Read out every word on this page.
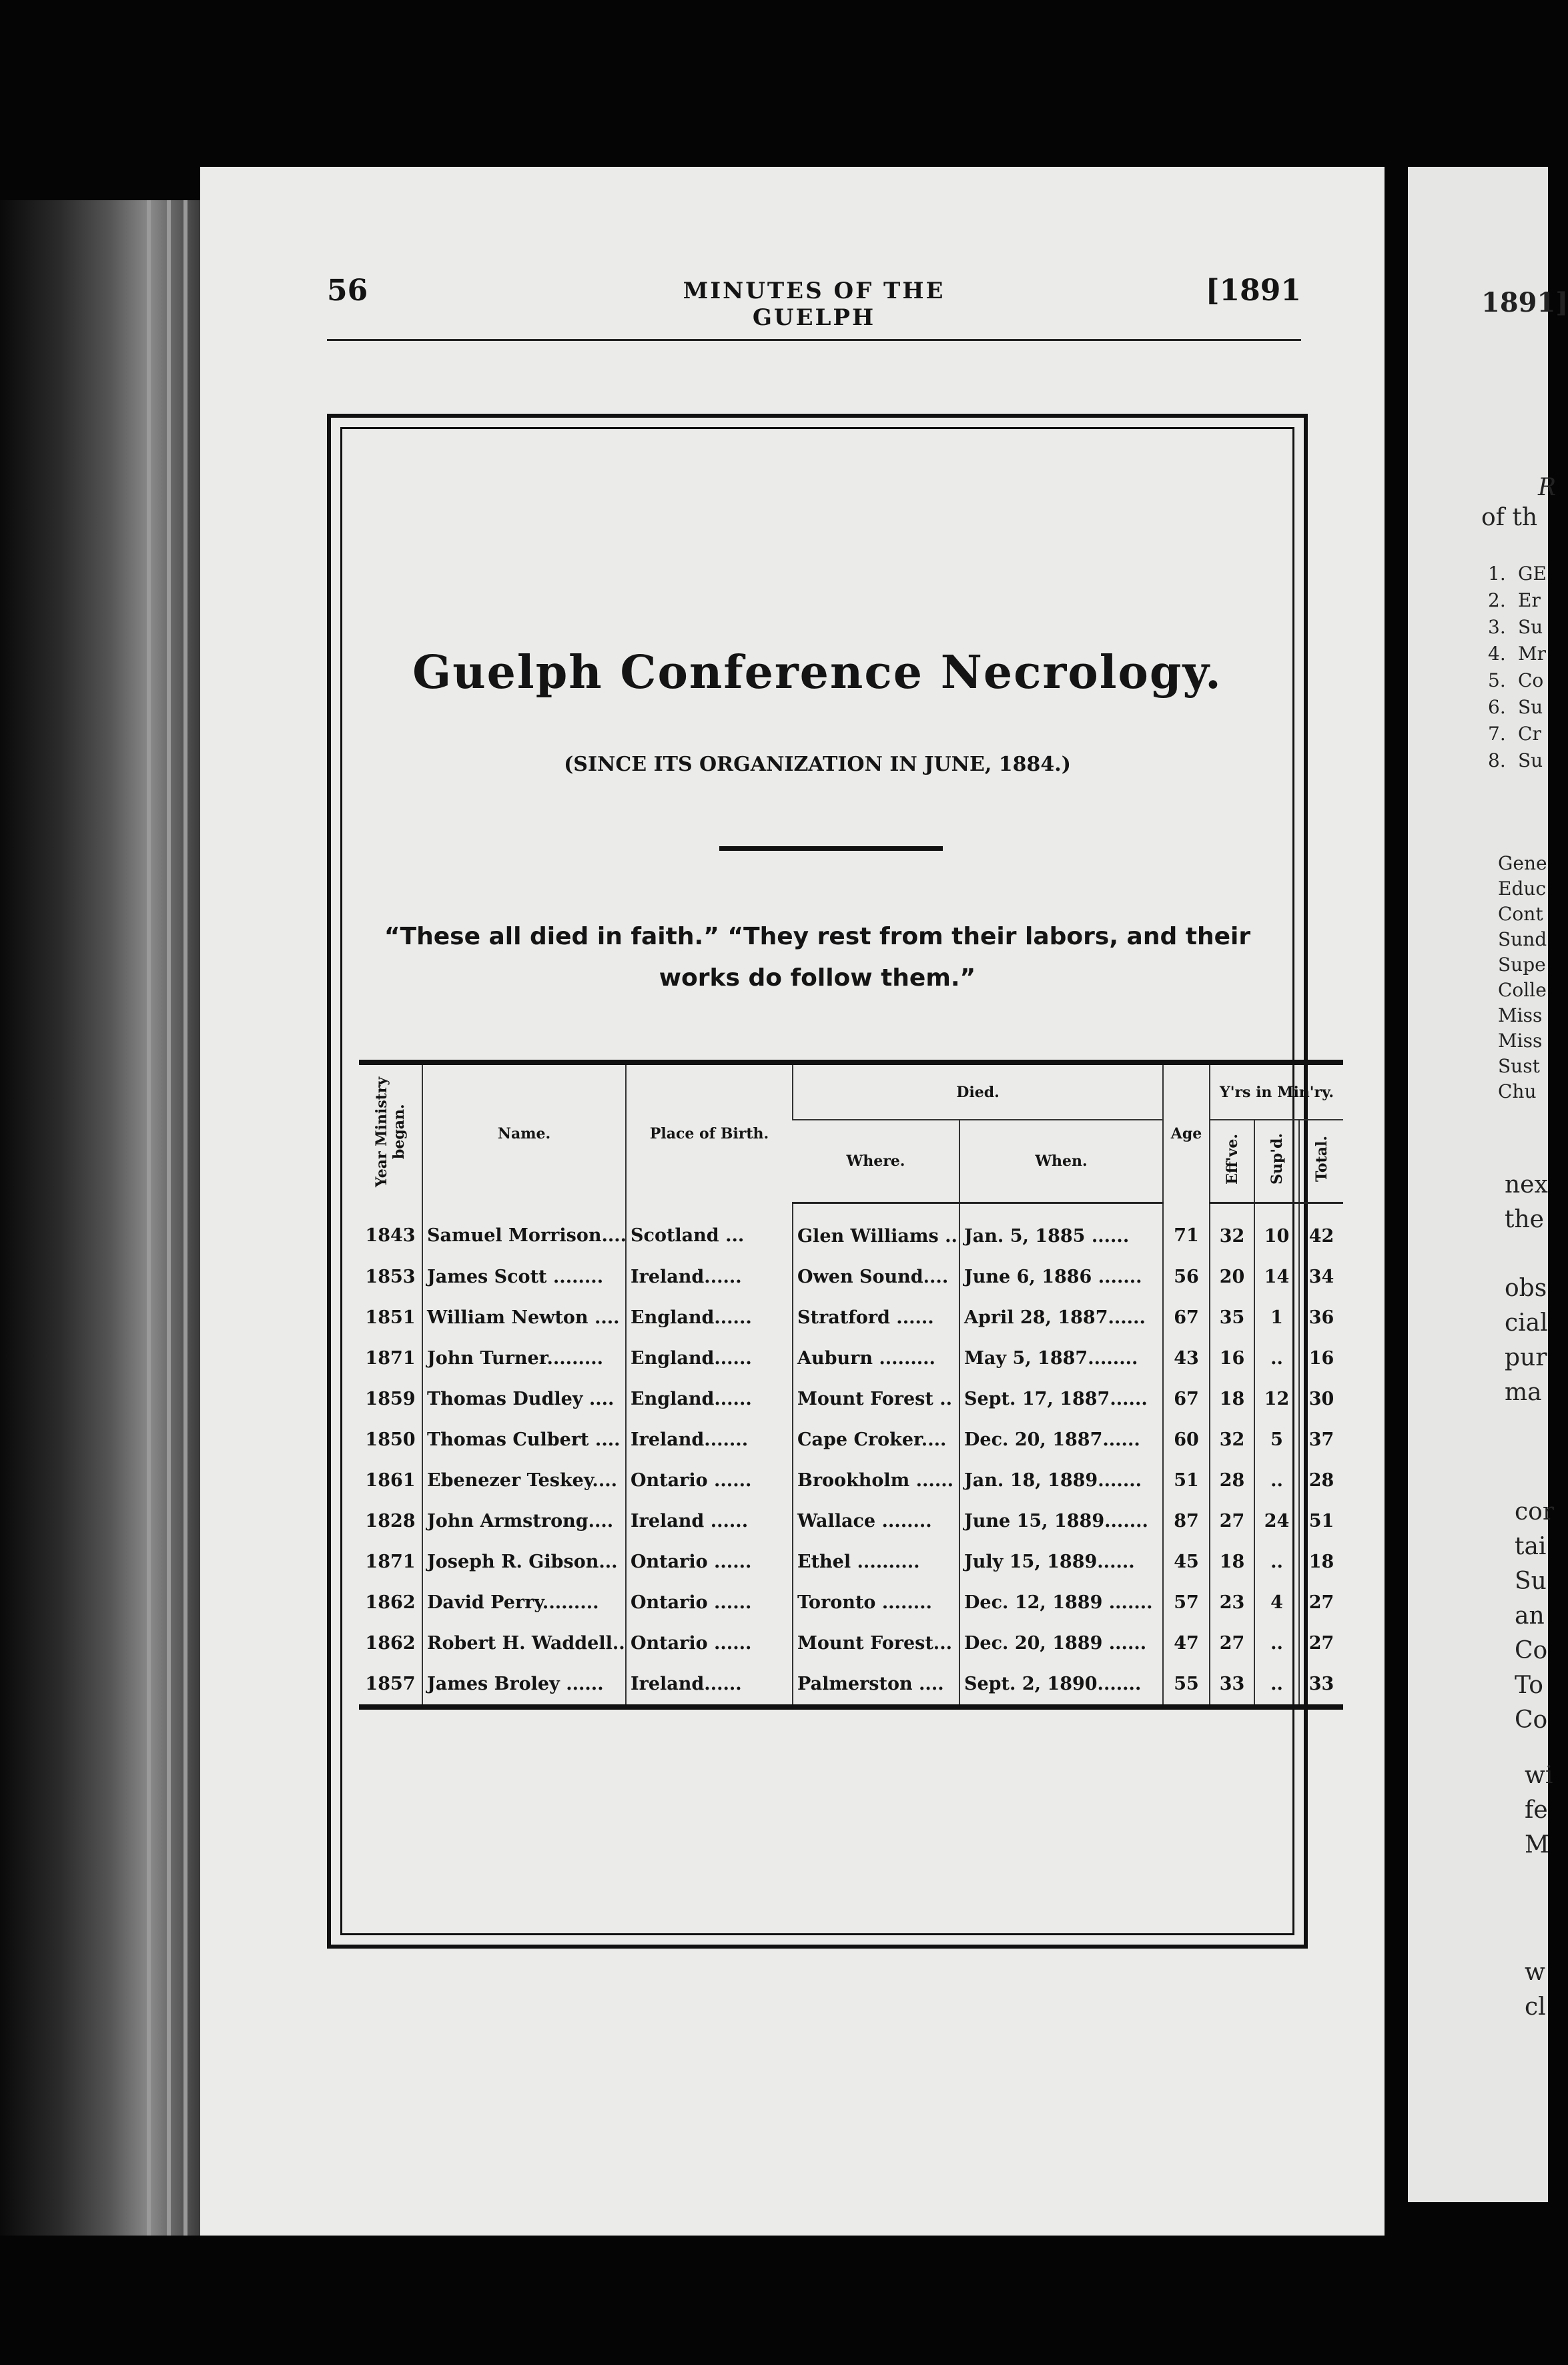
56	MINUTES OF THE GUELPH
[1891
Guelph Conference Necrology.
(SINCE ITS ORGANIZATION IN JUNE, 1884.)
“These all died in faith.” “They rest from their labors, and their works do follow them.”
Year Ministry began.	Name.	Place of Birth.	Died.		Age	Y'rs in Min'ry.		
			Where.	When.		Eff've.	Sup'd.	Total.
1843	Samuel Morrison....	Scotland ...	Glen Williams ..	Jan. 5, 1885 ......	71	32	10	42
1853	James Scott ........	Ireland......	Owen Sound....	June 6, 1886 .......	56	20	14	34
1851	William Newton ....	England......	Stratford ......	April 28, 1887......	67	35	1	36
1871	John Turner.........	England......	Auburn .........	May 5, 1887........	43	16	..	16
1859	Thomas Dudley ....	England......	Mount Forest ..	Sept. 17, 1887......	67	18	12	30
1850	Thomas Culbert ....	Ireland.......	Cape Croker....	Dec. 20, 1887......	60	32	5	37
1861	Ebenezer Teskey....	Ontario ......	Brookholm ......	Jan. 18, 1889.......	51	28	..	28
1828	John Armstrong....	Ireland ......	Wallace ........	June 15, 1889.......	87	27	24	51
1871	Joseph R. Gibson...	Ontario ......	Ethel ..........	July 15, 1889......	45	18	..	18
1862	David Perry.........	Ontario ......	Toronto ........	Dec. 12, 1889 .......	57	23	4	27
1862	Robert H. Waddell..	Ontario ......	Mount Forest...	Dec. 20, 1889 ......	47	27	..	27
1857	James Broley ......	Ireland......	Palmerston ....	Sept. 2, 1890.......	55	33	..	33
1891]
R
of th
1.
2.
3.
4.
5.
6.
7.
8.
GE
Er
Su
Mr
Co
Su
Cr
Su
Gene
Educ
Cont
Sund
Supe
Colle
Miss
Miss
Sust
Chu
nex
the
obs
cial
pur
ma
cor
tai
Su
an
Co
To
Co
wi
fe
M
w
cl
